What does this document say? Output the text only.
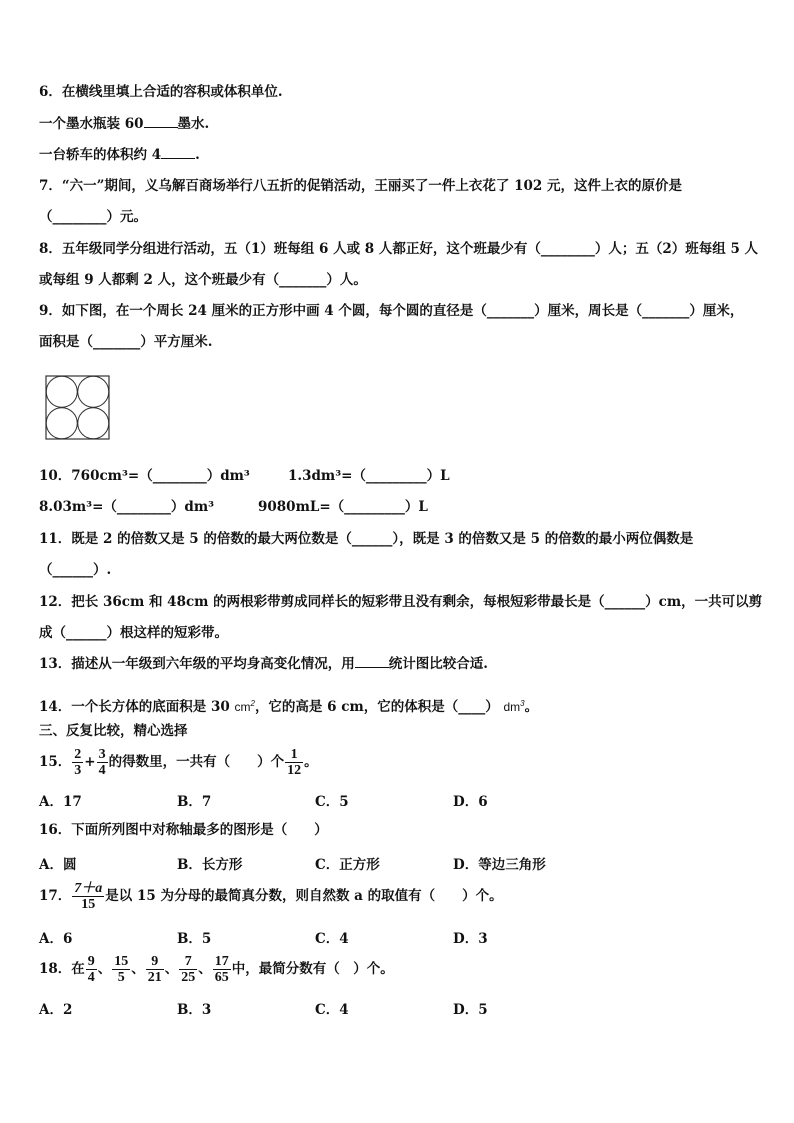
6．在横线里填上合适的容积或体积单位.
一个墨水瓶装 60	墨水.
一台轿车的体积约 4	.
7．“六一”期间，义乌解百商场举行八五折的促销活动，王丽买了一件上衣花了 102 元，这件上衣的原价是
（________）元。
8．五年级同学分组进行活动，五（1）班每组 6 人或 8 人都正好，这个班最少有（________）人；五（2）班每组 5 人
或每组 9 人都剩 2 人，这个班最少有（_______）人。
9．如下图，在一个周长 24 厘米的正方形中画 4 个圆，每个圆的直径是（_______）厘米，周长是（_______）厘米，
面积是（_______）平方厘米.
10．760cm³=（________）dm³	1.3dm³=（_________）L
8.03m³=（________）dm³	9080mL=（_________）L
11．既是 2 的倍数又是 5 的倍数的最大两位数是（______），既是 3 的倍数又是 5 的倍数的最小两位偶数是
（______）.
12．把长 36cm 和 48cm 的两根彩带剪成同样长的短彩带且没有剩余，每根短彩带最长是（______）cm，一共可以剪
成（______）根这样的短彩带。
13．描述从一年级到六年级的平均身高变化情况，用	统计图比较合适.
14．一个长方体的底面积是 30 $cm^2$，它的高是 6 cm，它的体积是（____） $dm^3$。
三、反复比较，精心选择
15． $\frac{2}{3} + \frac{3}{4}$ 的得数里，一共有（　　）个 $\frac{1}{12}$ 。
A．17	B．7	C．5	D．6
16．下面所列图中对称轴最多的图形是（　　）
A．圆	B．长方形	C．正方形	D．等边三角形
17． $\frac{7+a}{15}$ 是以 15 为分母的最简真分数，则自然数 a 的取值有（　　）个。
A．6	B．5	C．4	D．3
18．在 $\frac{9}{4}$ 、 $\frac{15}{5}$ 、 $\frac{9}{21}$ 、 $\frac{7}{25}$ 、 $\frac{17}{65}$ 中，最简分数有（　）个。
A．2	B．3	C．4	D．5
